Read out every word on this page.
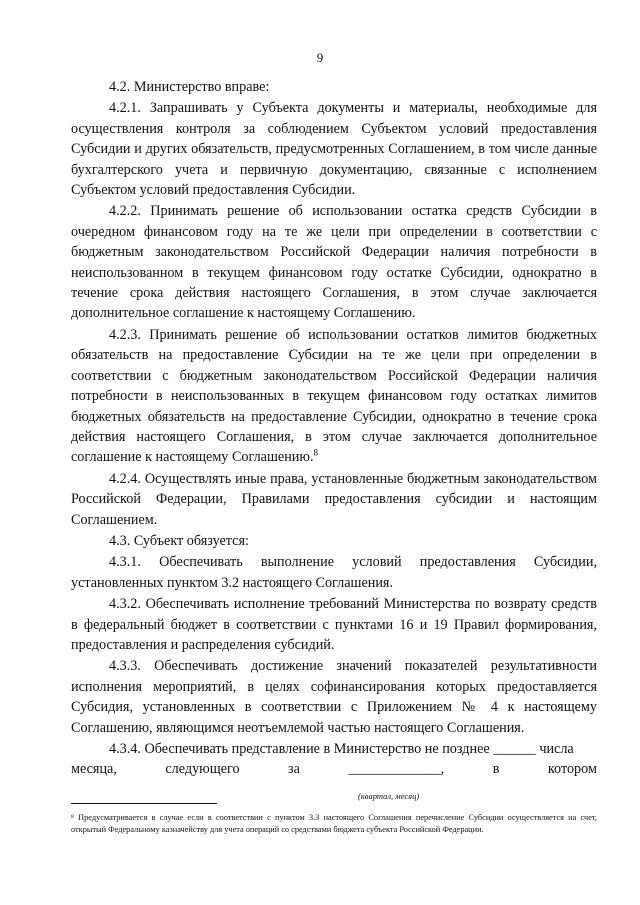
9

4.2. Министерство вправе:

4.2.1. Запрашивать у Субъекта документы и материалы, необходимые для осуществления контроля за соблюдением Субъектом условий предоставления Субсидии и других обязательств, предусмотренных Соглашением, в том числе данные бухгалтерского учета и первичную документацию, связанные с исполнением Субъектом условий предоставления Субсидии.

4.2.2. Принимать решение об использовании остатка средств Субсидии в очередном финансовом году на те же цели при определении в соответствии с бюджетным законодательством Российской Федерации наличия потребности в неиспользованном в текущем финансовом году остатке Субсидии, однократно в течение срока действия настоящего Соглашения, в этом случае заключается дополнительное соглашение к настоящему Соглашению.

4.2.3. Принимать решение об использовании остатков лимитов бюджетных обязательств на предоставление Субсидии на те же цели при определении в соответствии с бюджетным законодательством Российской Федерации наличия потребности в неиспользованных в текущем финансовом году остатках лимитов бюджетных обязательств на предоставление Субсидии, однократно в течение срока действия настоящего Соглашения, в этом случае заключается дополнительное соглашение к настоящему Соглашению.$^8$

4.2.4. Осуществлять иные права, установленные бюджетным законодательством Российской Федерации, Правилами предоставления субсидии и настоящим Соглашением.

4.3. Субъект обязуется:

4.3.1. Обеспечивать выполнение условий предоставления Субсидии, установленных пунктом 3.2 настоящего Соглашения.

4.3.2. Обеспечивать исполнение требований Министерства по возврату средств в федеральный бюджет в соответствии с пунктами 16 и 19 Правил формирования, предоставления и распределения субсидий.

4.3.3. Обеспечивать достижение значений показателей результативности исполнения мероприятий, в целях софинансирования которых предоставляется Субсидия, установленных в соответствии с Приложением № 4 к настоящему Соглашению, являющимся неотъемлемой частью настоящего Соглашения.

4.3.4. Обеспечивать представление в Министерство не позднее ______ числа

месяца,	следующего	за	_____________,	в	котором
(квартал, месяц)
⁸ Предусматривается в случае если в соответствии с пунктом 3.3 настоящего Соглашения перечисление Субсидии осуществляется на счет, открытый Федеральному казначейству для учета операций со средствами бюджета субъекта Российской Федерации.
